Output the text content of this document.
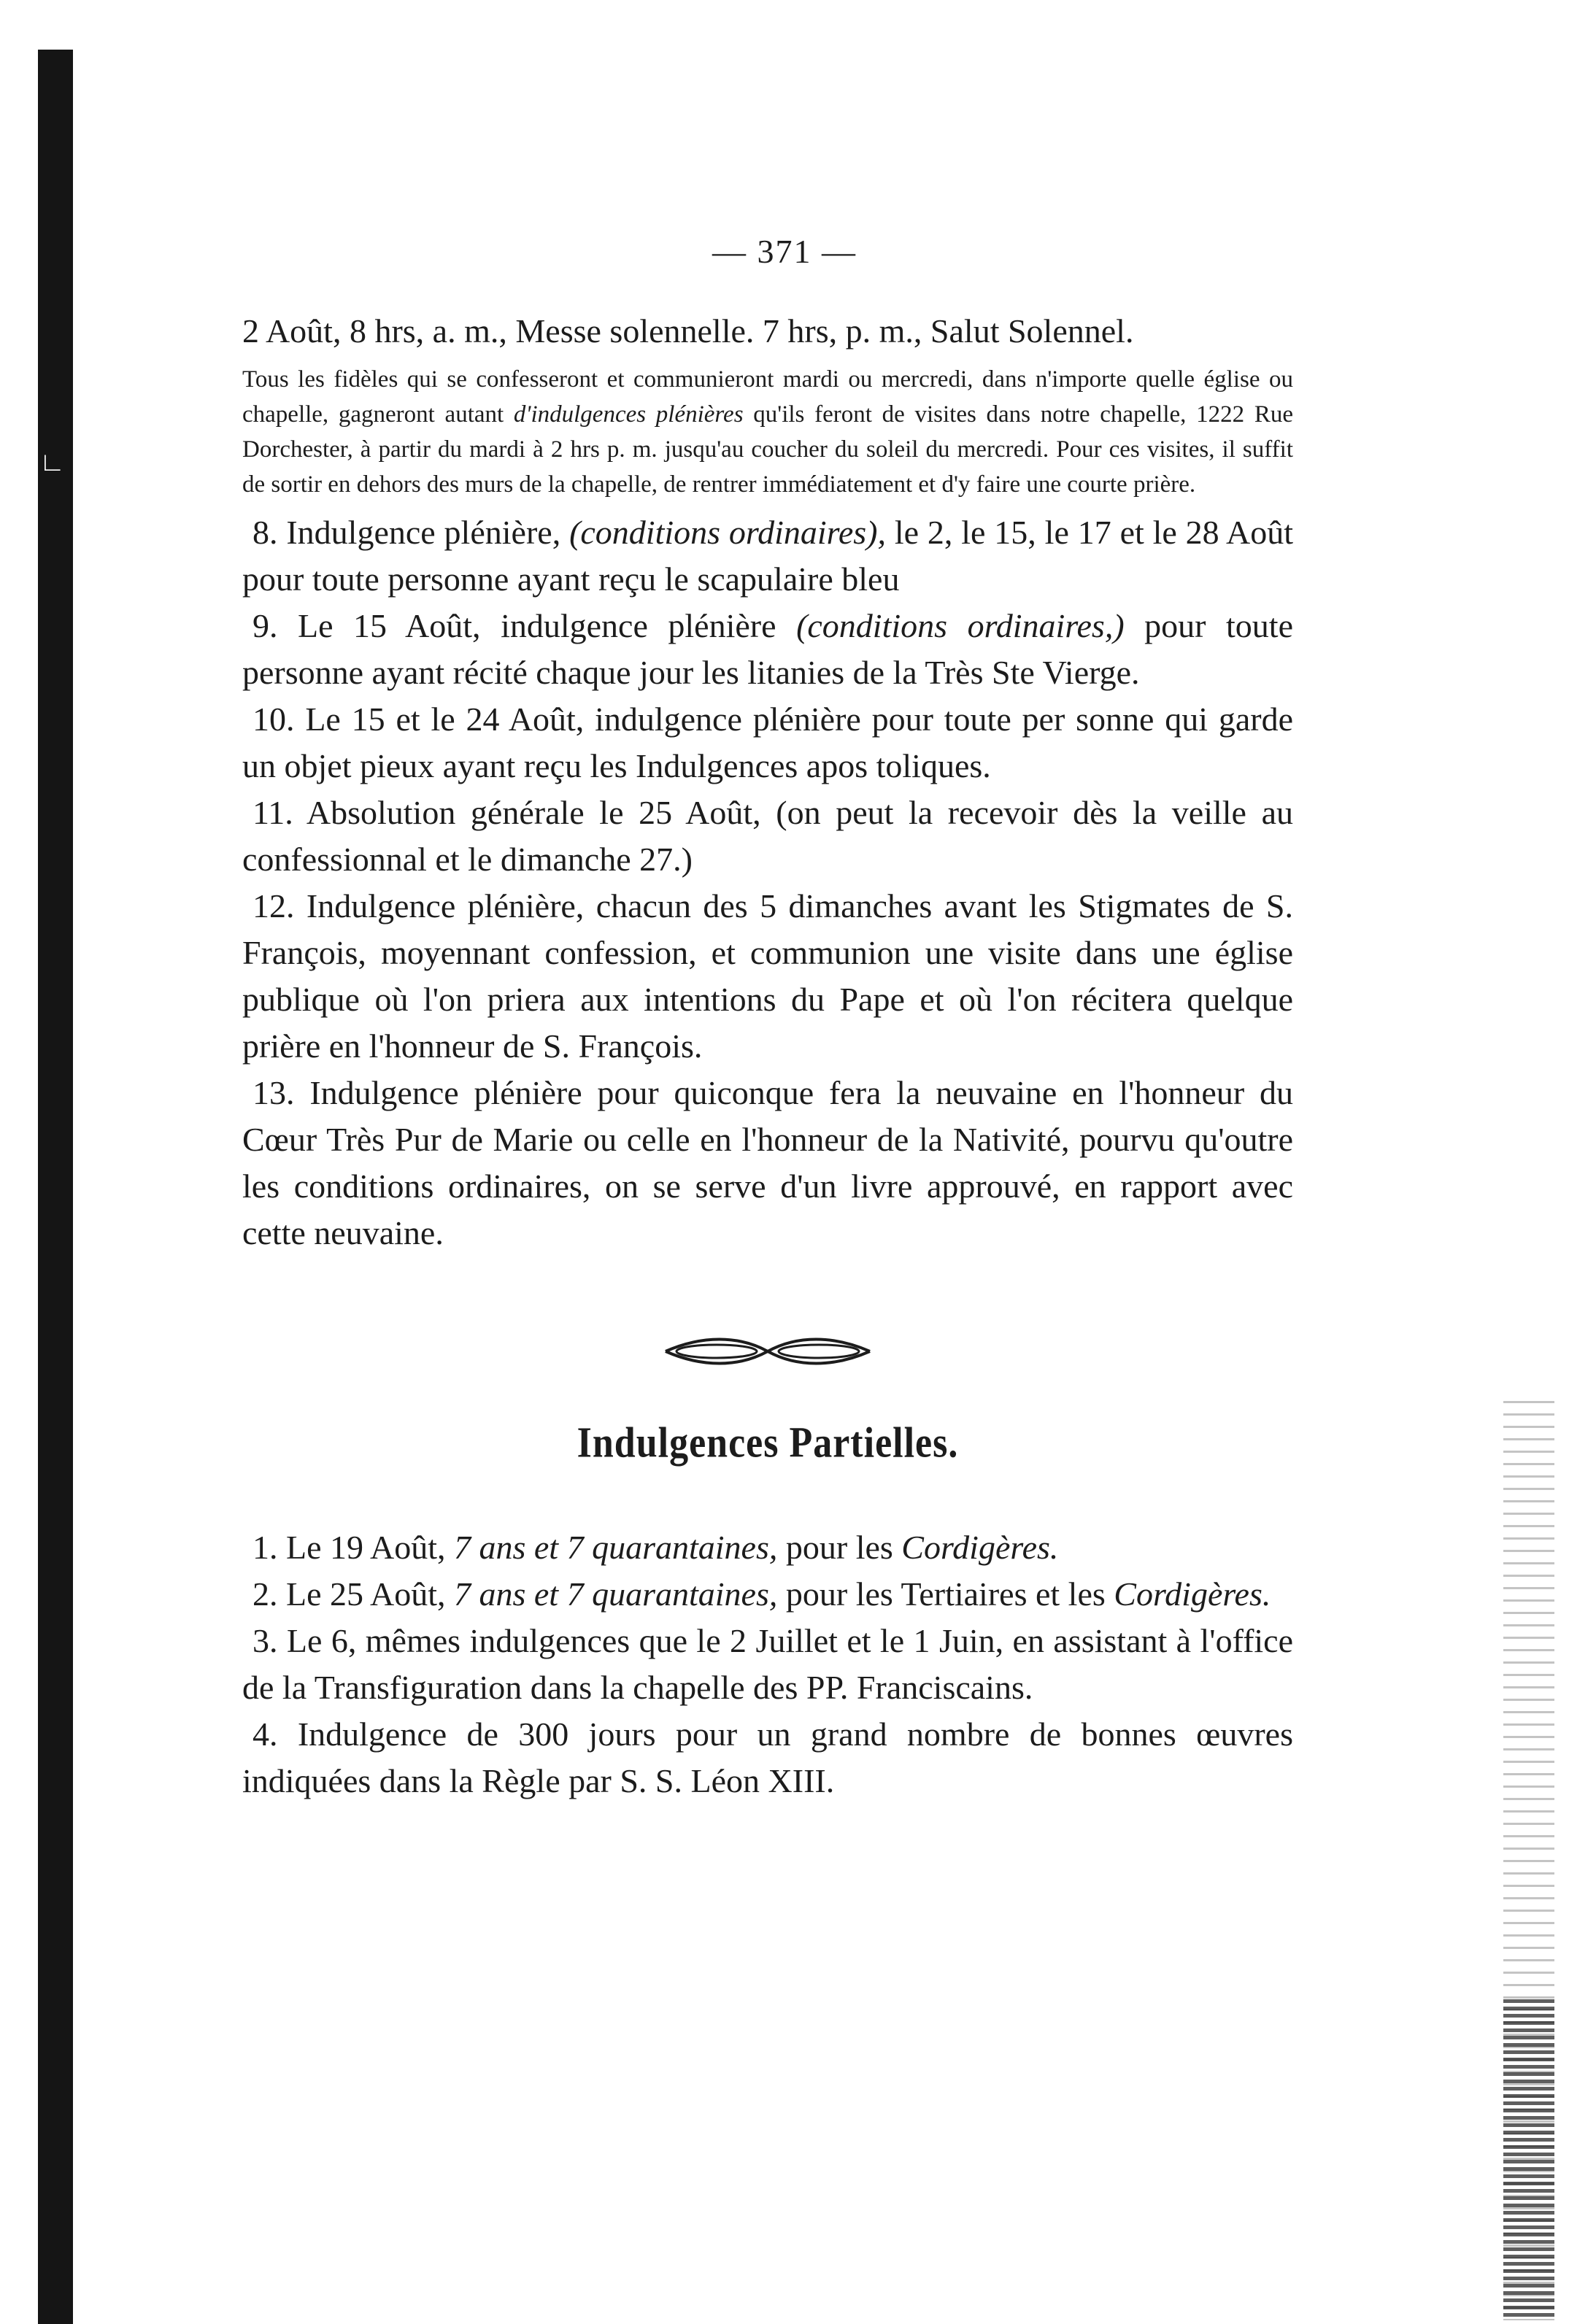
∟
— 371 —

2 Août, 8 hrs, a. m., Messe solennelle. 7 hrs, p. m., Salut Solennel.

Tous les fidèles qui se confesseront et communieront mardi ou mercredi, dans n'importe quelle église ou chapelle, gagneront autant d'indulgences plénières qu'ils feront de visites dans notre chapelle, 1222 Rue Dorchester, à partir du mardi à 2 hrs p. m. jusqu'au coucher du soleil du mercredi. Pour ces visites, il suffit de sortir en dehors des murs de la chapelle, de rentrer immédiatement et d'y faire une courte prière.

8. Indulgence plénière, (conditions ordinaires), le 2, le 15, le 17 et le 28 Août pour toute personne ayant reçu le scapulaire bleu

9. Le 15 Août, indulgence plénière (conditions ordinaires,) pour toute personne ayant récité chaque jour les litanies de la Très Ste Vierge.

10. Le 15 et le 24 Août, indulgence plénière pour toute per sonne qui garde un objet pieux ayant reçu les Indulgences apos toliques.

11. Absolution générale le 25 Août, (on peut la recevoir dès la veille au confessionnal et le dimanche 27.)

12. Indulgence plénière, chacun des 5 dimanches avant les Stigmates de S. François, moyennant confession, et communion une visite dans une église publique où l'on priera aux intentions du Pape et où l'on récitera quelque prière en l'honneur de S. François.

13. Indulgence plénière pour quiconque fera la neuvaine en l'honneur du Cœur Très Pur de Marie ou celle en l'honneur de la Nativité, pourvu qu'outre les conditions ordinaires, on se serve d'un livre approuvé, en rapport avec cette neuvaine.

Indulgences Partielles.

1. Le 19 Août, 7 ans et 7 quarantaines, pour les Cordigères.

2. Le 25 Août, 7 ans et 7 quarantaines, pour les Tertiaires et les Cordigères.

3. Le 6, mêmes indulgences que le 2 Juillet et le 1 Juin, en assistant à l'office de la Transfiguration dans la chapelle des PP. Franciscains.

4. Indulgence de 300 jours pour un grand nombre de bonnes œuvres indiquées dans la Règle par S. S. Léon XIII.
